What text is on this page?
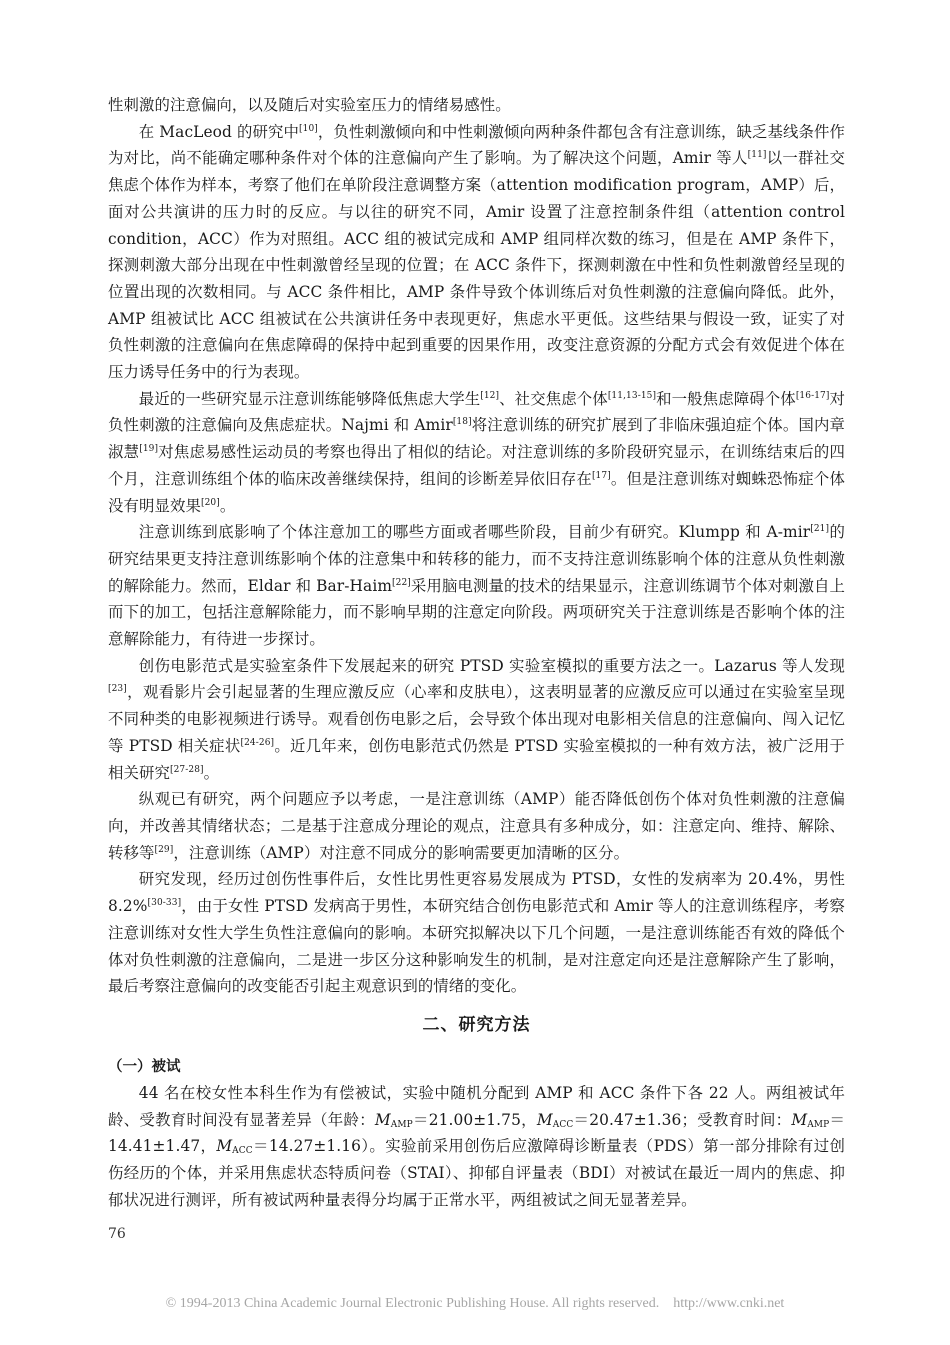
性刺激的注意偏向，以及随后对实验室压力的情绪易感性。

在 MacLeod 的研究中[10]，负性刺激倾向和中性刺激倾向两种条件都包含有注意训练，缺乏基线条件作为对比，尚不能确定哪种条件对个体的注意偏向产生了影响。为了解决这个问题，Amir 等人[11]以一群社交焦虑个体作为样本，考察了他们在单阶段注意调整方案（attention modification program，AMP）后，面对公共演讲的压力时的反应。与以往的研究不同，Amir 设置了注意控制条件组（attention control condition，ACC）作为对照组。ACC 组的被试完成和 AMP 组同样次数的练习，但是在 AMP 条件下，探测刺激大部分出现在中性刺激曾经呈现的位置；在 ACC 条件下，探测刺激在中性和负性刺激曾经呈现的位置出现的次数相同。与 ACC 条件相比，AMP 条件导致个体训练后对负性刺激的注意偏向降低。此外，AMP 组被试比 ACC 组被试在公共演讲任务中表现更好，焦虑水平更低。这些结果与假设一致，证实了对负性刺激的注意偏向在焦虑障碍的保持中起到重要的因果作用，改变注意资源的分配方式会有效促进个体在压力诱导任务中的行为表现。

最近的一些研究显示注意训练能够降低焦虑大学生[12]、社交焦虑个体[11,13-15]和一般焦虑障碍个体[16-17]对负性刺激的注意偏向及焦虑症状。Najmi 和 Amir[18]将注意训练的研究扩展到了非临床强迫症个体。国内章淑慧[19]对焦虑易感性运动员的考察也得出了相似的结论。对注意训练的多阶段研究显示，在训练结束后的四个月，注意训练组个体的临床改善继续保持，组间的诊断差异依旧存在[17]。但是注意训练对蜘蛛恐怖症个体没有明显效果[20]。

注意训练到底影响了个体注意加工的哪些方面或者哪些阶段，目前少有研究。Klumpp 和 A-mir[21]的研究结果更支持注意训练影响个体的注意集中和转移的能力，而不支持注意训练影响个体的注意从负性刺激的解除能力。然而，Eldar 和 Bar-Haim[22]采用脑电测量的技术的结果显示，注意训练调节个体对刺激自上而下的加工，包括注意解除能力，而不影响早期的注意定向阶段。两项研究关于注意训练是否影响个体的注意解除能力，有待进一步探讨。

创伤电影范式是实验室条件下发展起来的研究 PTSD 实验室模拟的重要方法之一。Lazarus 等人发现[23]，观看影片会引起显著的生理应激反应（心率和皮肤电），这表明显著的应激反应可以通过在实验室呈现不同种类的电影视频进行诱导。观看创伤电影之后，会导致个体出现对电影相关信息的注意偏向、闯入记忆等 PTSD 相关症状[24-26]。近几年来，创伤电影范式仍然是 PTSD 实验室模拟的一种有效方法，被广泛用于相关研究[27-28]。

纵观已有研究，两个问题应予以考虑，一是注意训练（AMP）能否降低创伤个体对负性刺激的注意偏向，并改善其情绪状态；二是基于注意成分理论的观点，注意具有多种成分，如：注意定向、维持、解除、转移等[29]，注意训练（AMP）对注意不同成分的影响需要更加清晰的区分。

研究发现，经历过创伤性事件后，女性比男性更容易发展成为 PTSD，女性的发病率为 20.4%，男性 8.2%[30-33]，由于女性 PTSD 发病高于男性，本研究结合创伤电影范式和 Amir 等人的注意训练程序，考察注意训练对女性大学生负性注意偏向的影响。本研究拟解决以下几个问题，一是注意训练能否有效的降低个体对负性刺激的注意偏向，二是进一步区分这种影响发生的机制，是对注意定向还是注意解除产生了影响，最后考察注意偏向的改变能否引起主观意识到的情绪的变化。

二、研究方法
（一）被试

44 名在校女性本科生作为有偿被试，实验中随机分配到 AMP 和 ACC 条件下各 22 人。两组被试年龄、受教育时间没有显著差异（年龄：$M_{AMP}=21.00\pm 1.75$，$M_{ACC}=20.47\pm 1.36$；受教育时间：$M_{AMP}=14.41\pm 1.47$，$M_{ACC}=14.27\pm 1.16$）。实验前采用创伤后应激障碍诊断量表（PDS）第一部分排除有过创伤经历的个体，并采用焦虑状态特质问卷（STAI）、抑郁自评量表（BDI）对被试在最近一周内的焦虑、抑郁状况进行测评，所有被试两种量表得分均属于正常水平，两组被试之间无显著差异。

76
© 1994-2013 China Academic Journal Electronic Publishing House. All rights reserved. http://www.cnki.net
